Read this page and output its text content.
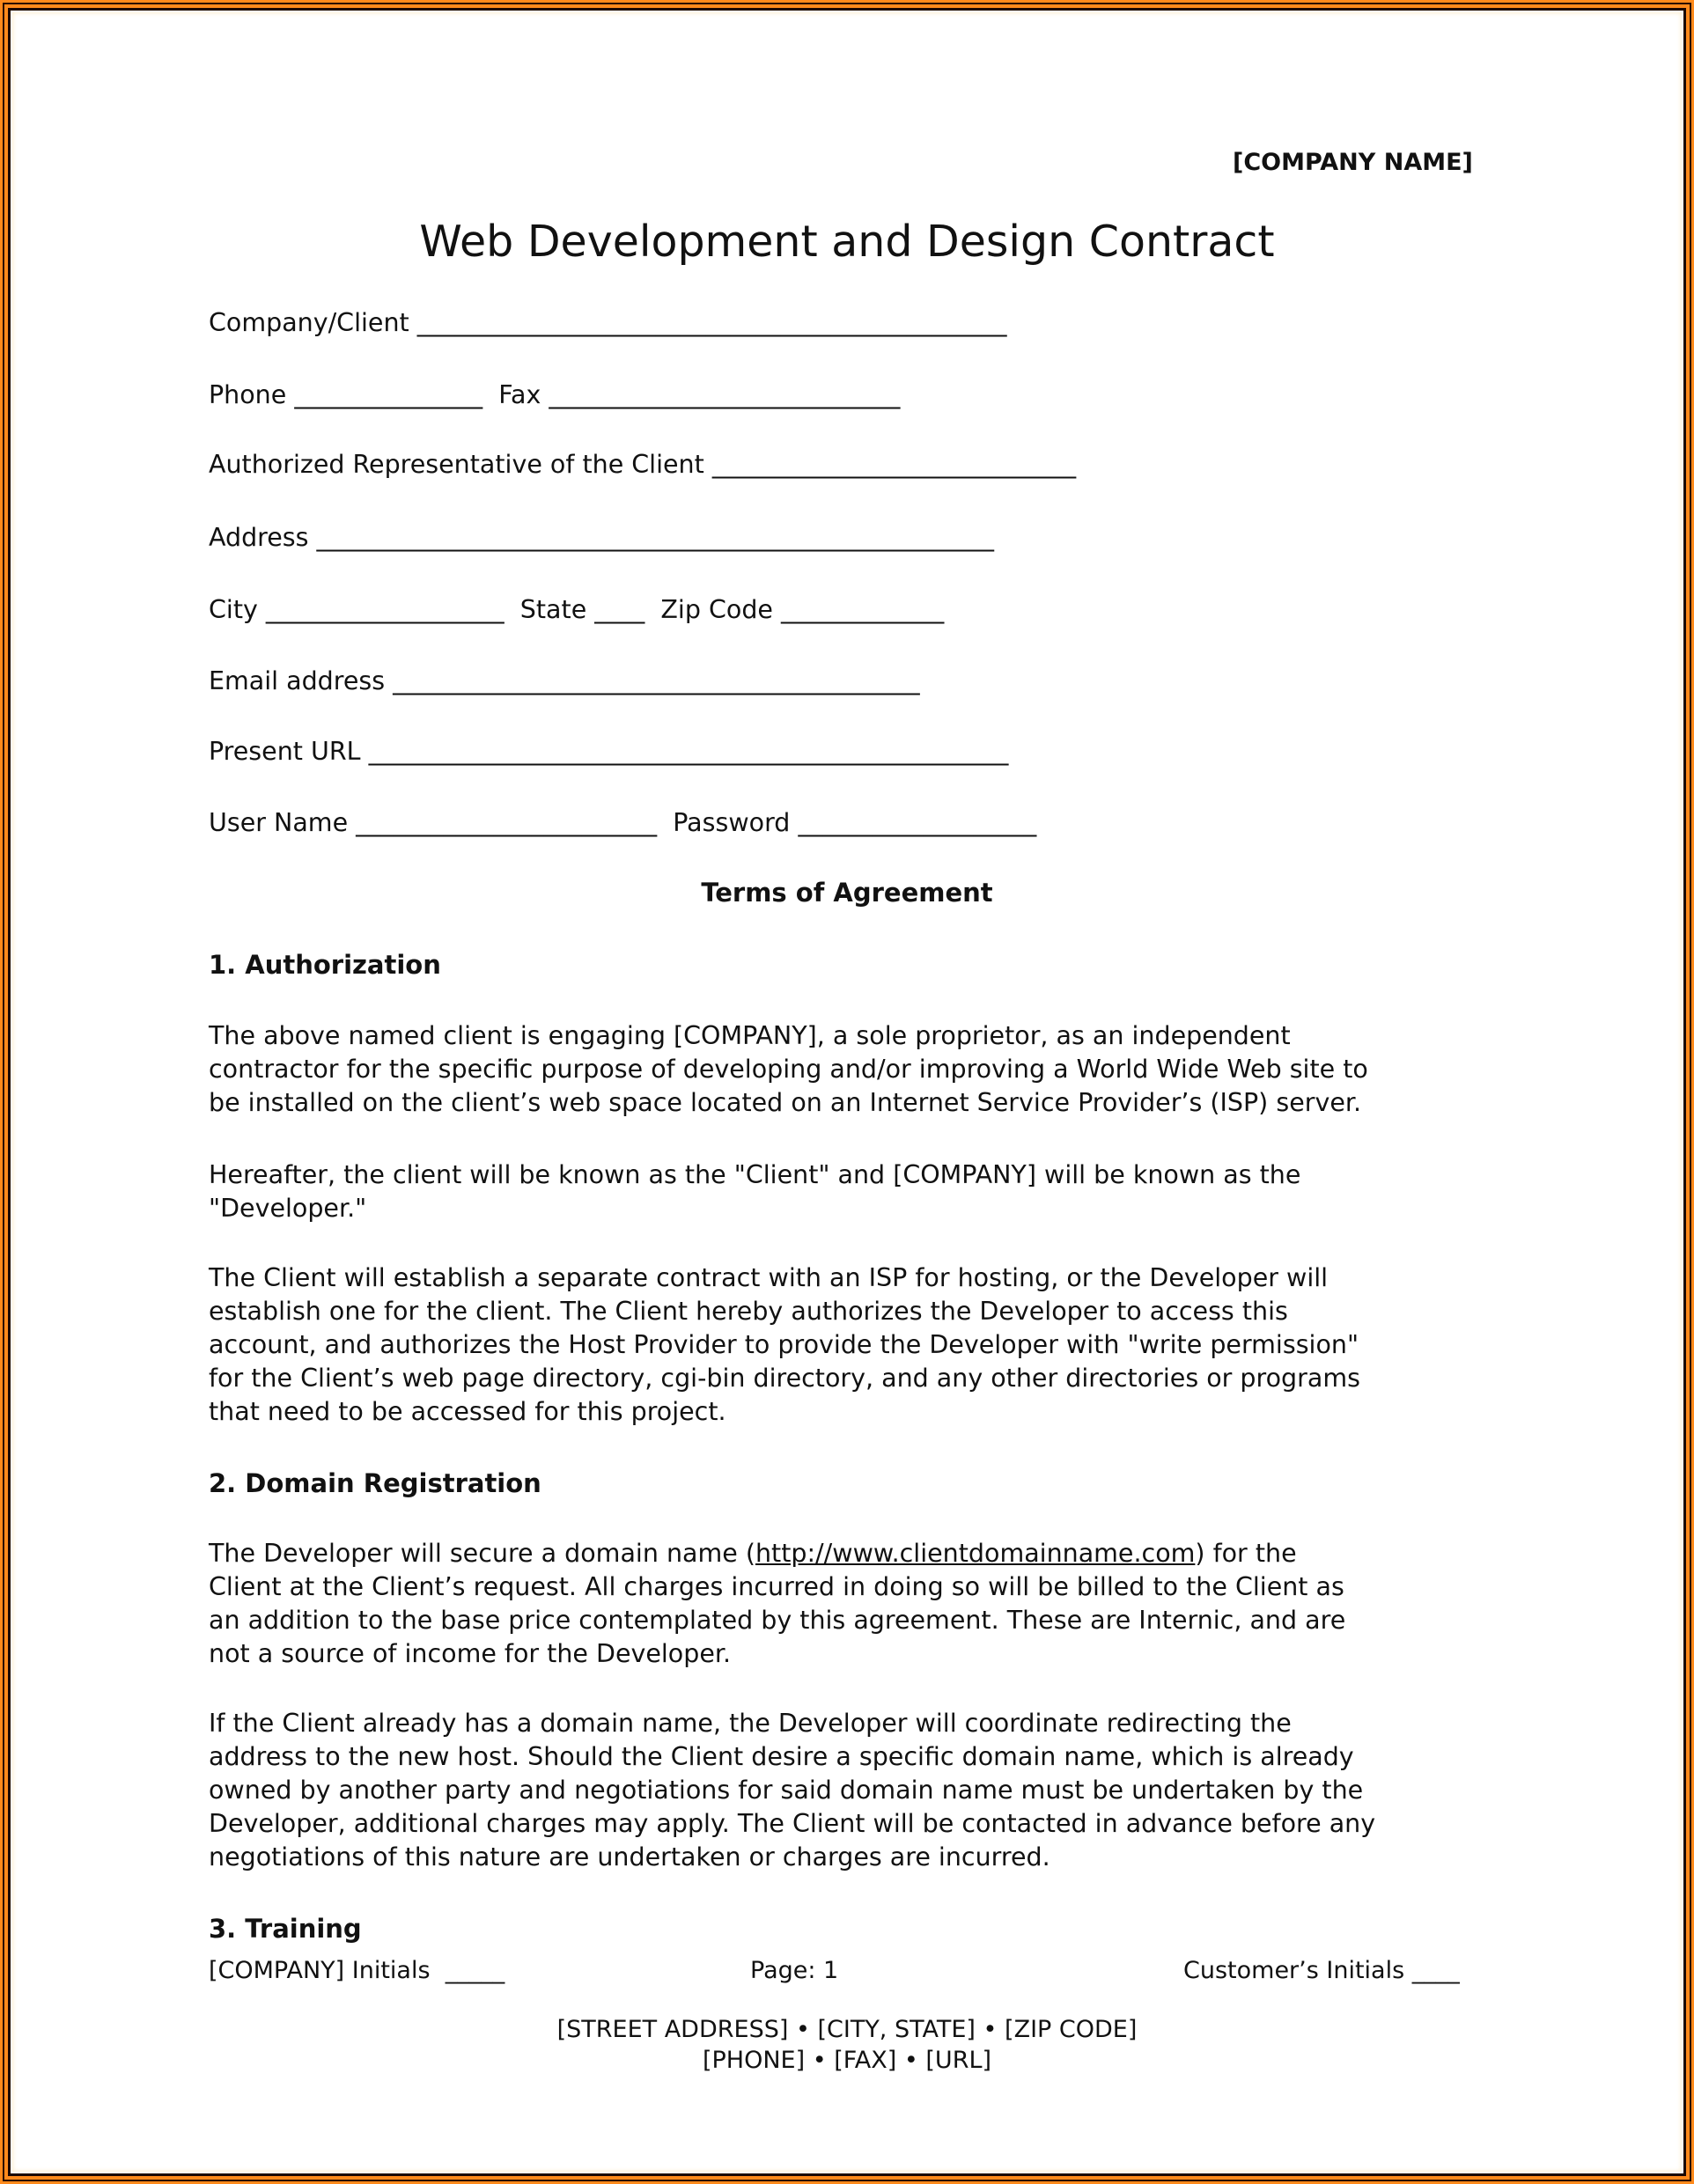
[COMPANY NAME]
Web Development and Design Contract
Company/Client _______________________________________________
Phone _______________  Fax ____________________________
Authorized Representative of the Client _____________________________
Address ______________________________________________________
City ___________________  State ____  Zip Code _____________
Email address __________________________________________
Present URL ___________________________________________________
User Name ________________________  Password ___________________
Terms of Agreement
1. Authorization
The above named client is engaging [COMPANY], a sole proprietor, as an independent
contractor for the specific purpose of developing and/or improving a World Wide Web site to
be installed on the client’s web space located on an Internet Service Provider’s (ISP) server.
Hereafter, the client will be known as the "Client" and [COMPANY] will be known as the
"Developer."
The Client will establish a separate contract with an ISP for hosting, or the Developer will
establish one for the client. The Client hereby authorizes the Developer to access this
account, and authorizes the Host Provider to provide the Developer with "write permission"
for the Client’s web page directory, cgi-bin directory, and any other directories or programs
that need to be accessed for this project.
2. Domain Registration
The Developer will secure a domain name (http://www.clientdomainname.com) for the
Client at the Client’s request. All charges incurred in doing so will be billed to the Client as
an addition to the base price contemplated by this agreement. These are Internic, and are
not a source of income for the Developer.
If the Client already has a domain name, the Developer will coordinate redirecting the
address to the new host. Should the Client desire a specific domain name, which is already
owned by another party and negotiations for said domain name must be undertaken by the
Developer, additional charges may apply. The Client will be contacted in advance before any
negotiations of this nature are undertaken or charges are incurred.
3. Training
[COMPANY] Initials  _____	Page: 1	Customer’s Initials ____
[STREET ADDRESS] • [CITY, STATE] • [ZIP CODE]
[PHONE] • [FAX] • [URL]
